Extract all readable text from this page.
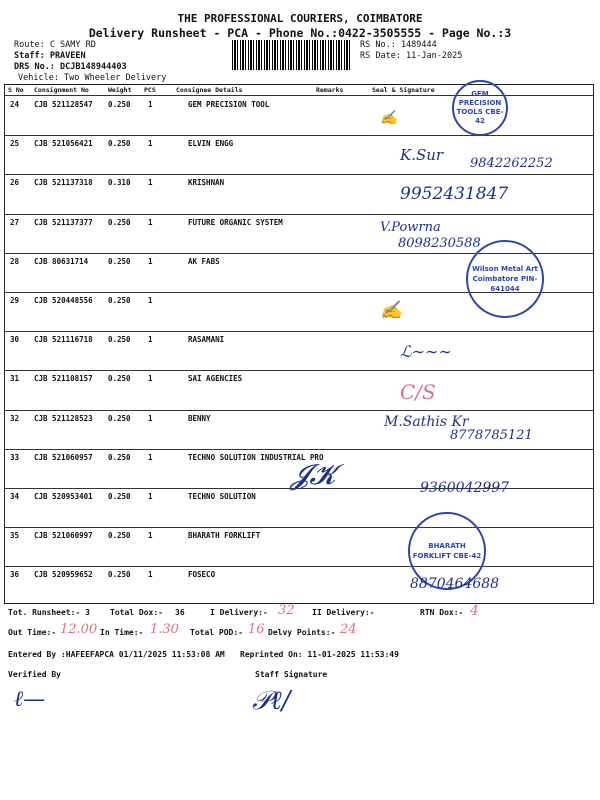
THE PROFESSIONAL COURIERS, COIMBATORE
Delivery Runsheet - PCA - Phone No.:0422-3505555 - Page No.:3
Route: C SAMY RD
Staff: PRAVEEN
DRS No.: DCJB148944403
Vehicle: Two Wheeler Delivery
RS No.: 1489444
RS Date: 11-Jan-2025
S No Consignment No	Weight PCS	Consignee Details	Remarks	Seal & Signature
24 CJB 521128547 0.250 1	GEM PRECISION TOOL
25 CJB 521056421 0.250 1	ELVIN ENGG
26 CJB 521137318 0.310 1	KRISHNAN
27 CJB 521137377 0.250 1	FUTURE ORGANIC SYSTEM
28 CJB 80631714	0.250 1	AK FABS
29 CJB 520448556 0.250 1
30 CJB 521116718 0.250 1	RASAMANI
31 CJB 521108157 0.250 1	SAI AGENCIES
32 CJB 521128523 0.250 1	BENNY
33 CJB 521060957 0.250 1	TECHNO SOLUTION INDUSTRIAL PRO
34 CJB 520953401 0.250 1	TECHNO SOLUTION
35 CJB 521060997 0.250 1	BHARATH FORKLIFT
36 CJB 520959652 0.250 1	FOSECO
GEM PRECISION TOOLS CBE-42
✍
K.Sur 9842262252
9952431847
V.Powrna
8098230588
Wilson Metal Art Coimbatore PIN-641044
✍
ℒ∼∼∼
C/S
M.Sathis Kr
8778785121
𝓙𝓚	9360042997
BHARATH FORKLIFT CBE-42
8870464688
Tot. Runsheet:- 3	Total Dox:- 36	I Delivery:- 32 II Delivery:-	RTN Dox:- 4
Out Time:- 12.00 In Time:- 1.30 Total POD:- 16 Delvy Points:- 24
Entered By :HAFEEFAPCA 01/11/2025 11:53:08 AM Reprinted On: 11-01-2025 11:53:49
Verified By
ℓ—
Staff Signature
𝒫ℓ/
